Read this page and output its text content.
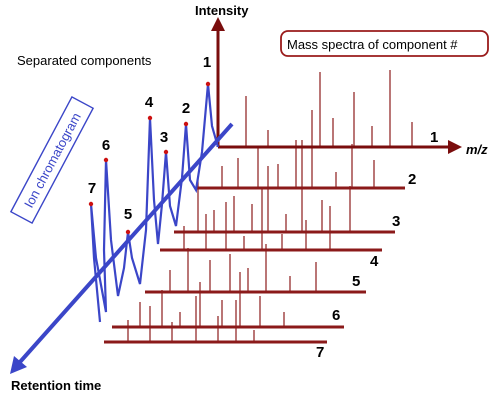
1
2
3
4
5
6
7
1
2
3
4
5
6
7
Intensity
m/z
Retention time
Separated components
Mass spectra of component #
Ion chromatogram
